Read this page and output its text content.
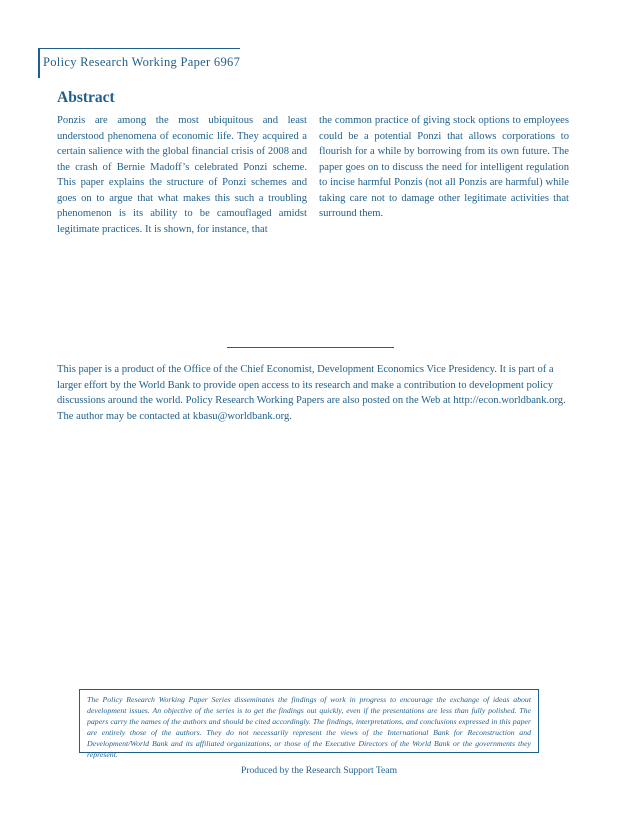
Policy Research Working Paper 6967
Abstract

Ponzis are among the most ubiquitous and least understood phenomena of economic life. They acquired a certain salience with the global financial crisis of 2008 and the crash of Bernie Madoff’s celebrated Ponzi scheme. This paper explains the structure of Ponzi schemes and goes on to argue that what makes this such a troubling phenomenon is its ability to be camouflaged amidst legitimate practices. It is shown, for instance, that

the common practice of giving stock options to employees could be a potential Ponzi that allows corporations to flourish for a while by borrowing from its own future. The paper goes on to discuss the need for intelligent regulation to incise harmful Ponzis (not all Ponzis are harmful) while taking care not to damage other legitimate activities that surround them.

This paper is a product of the Office of the Chief Economist, Development Economics Vice Presidency. It is part of a larger effort by the World Bank to provide open access to its research and make a contribution to development policy discussions around the world. Policy Research Working Papers are also posted on the Web at http://econ.worldbank.org. The author may be contacted at kbasu@worldbank.org.

The Policy Research Working Paper Series disseminates the findings of work in progress to encourage the exchange of ideas about development issues. An objective of the series is to get the findings out quickly, even if the presentations are less than fully polished. The papers carry the names of the authors and should be cited accordingly. The findings, interpretations, and conclusions expressed in this paper are entirely those of the authors. They do not necessarily represent the views of the International Bank for Reconstruction and Development/World Bank and its affiliated organizations, or those of the Executive Directors of the World Bank or the governments they represent.

Produced by the Research Support Team
